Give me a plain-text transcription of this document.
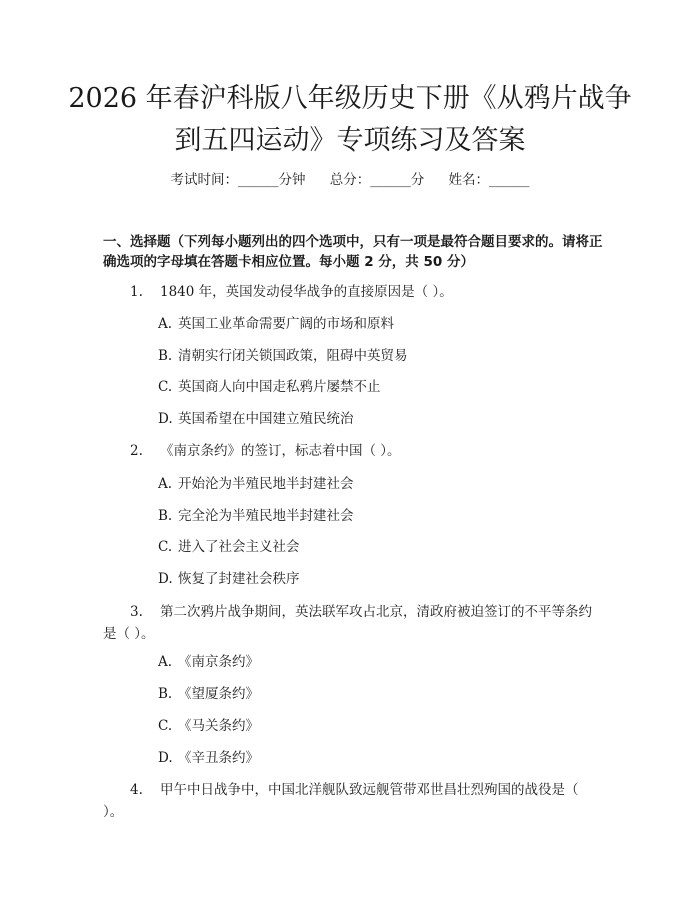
2026 年春沪科版八年级历史下册《从鸦片战争到五四运动》专项练习及答案
考试时间：______分钟 总分：______分 姓名：______

一、选择题（下列每小题列出的四个选项中，只有一项是最符合题目要求的。请将正确选项的字母填在答题卡相应位置。每小题 2 分，共 50 分）

1. 1840 年，英国发动侵华战争的直接原因是（ ）。
A. 英国工业革命需要广阔的市场和原料
B. 清朝实行闭关锁国政策，阻碍中英贸易
C. 英国商人向中国走私鸦片屡禁不止
D. 英国希望在中国建立殖民统治
2. 《南京条约》的签订，标志着中国（ ）。
A. 开始沦为半殖民地半封建社会
B. 完全沦为半殖民地半封建社会
C. 进入了社会主义社会
D. 恢复了封建社会秩序
3. 第二次鸦片战争期间，英法联军攻占北京，清政府被迫签订的不平等条约是（ ）。
A. 《南京条约》
B. 《望厦条约》
C. 《马关条约》
D. 《辛丑条约》
4. 甲午中日战争中，中国北洋舰队致远舰管带邓世昌壮烈殉国的战役是（ ）。
